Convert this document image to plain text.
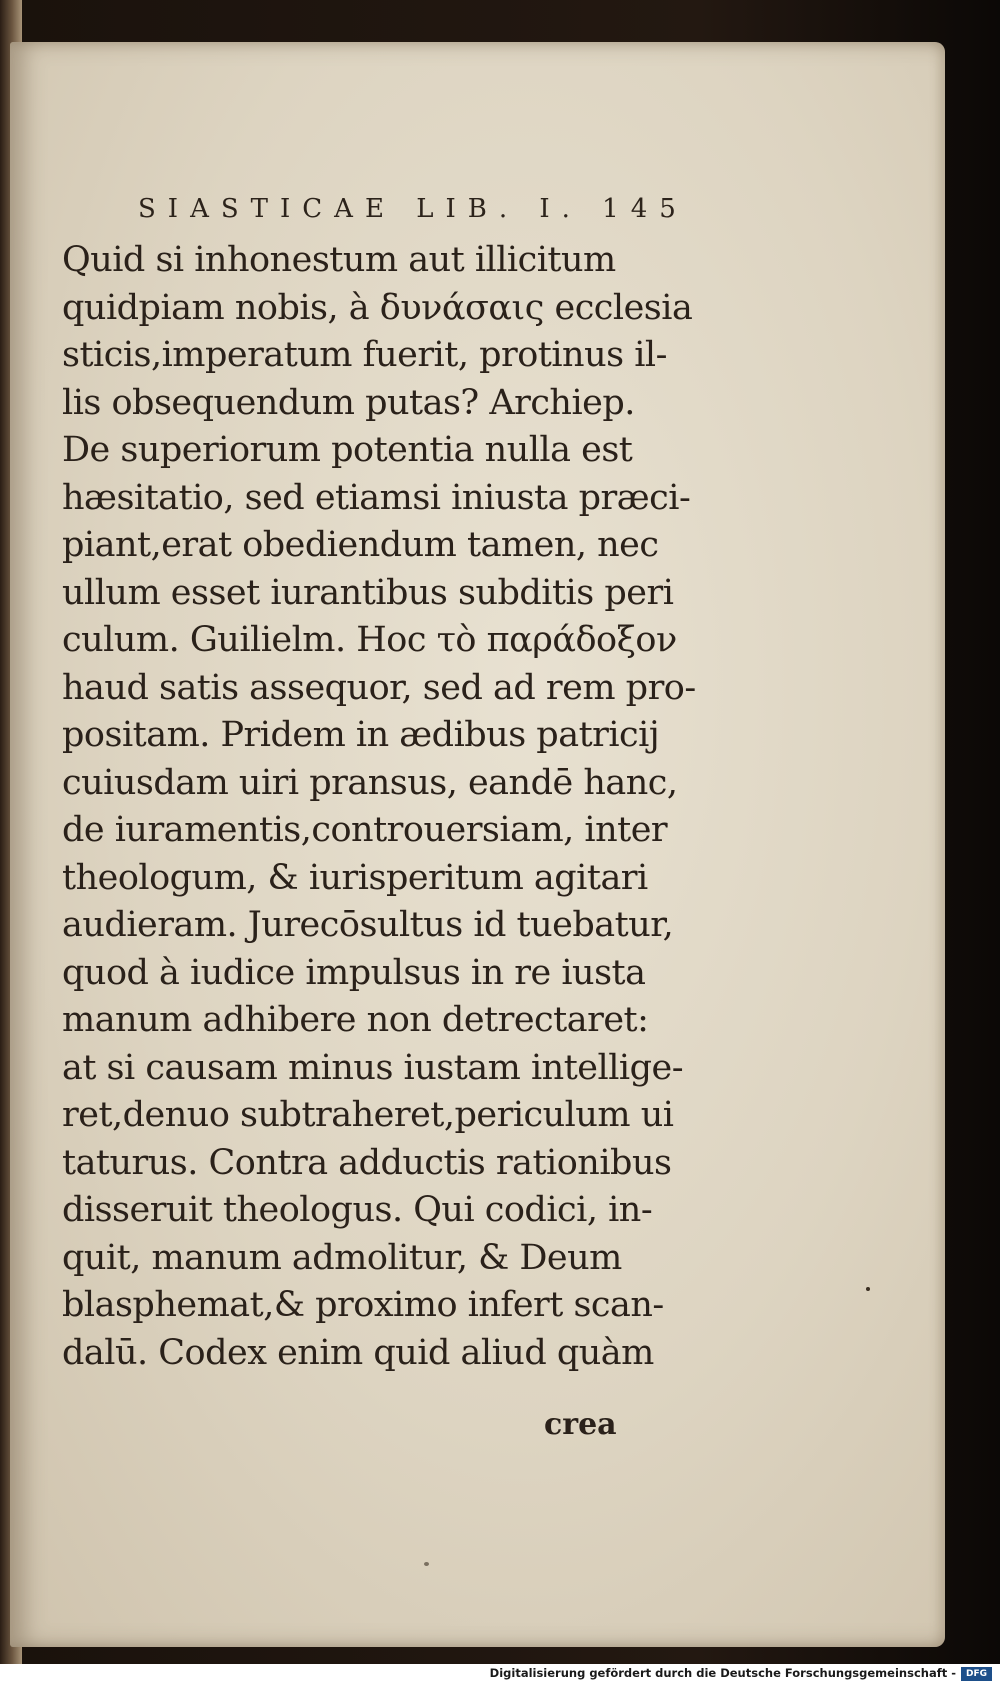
SIASTICAE LIB. I. 145
Quid si inhonestum aut illicitum
quidpiam nobis, à δυνάσαις ecclesia
sticis,imperatum fuerit, protinus il-
lis obsequendum putas? Archiep.
De superiorum potentia nulla est
hæsitatio, sed etiamsi iniusta præci-
piant,erat obediendum tamen, nec
ullum esset iurantibus subditis peri
culum. Guilielm. Hoc τὸ παράδοξον
haud satis assequor, sed ad rem pro-
positam. Pridem in ædibus patricij
cuiusdam uiri pransus, eandē hanc,
de iuramentis,controuersiam, inter
theologum, & iurisperitum agitari
audieram. Jurecōsultus id tuebatur,
quod à iudice impulsus in re iusta
manum adhibere non detrectaret:
at si causam minus iustam intellige-
ret,denuo subtraheret,periculum ui
taturus. Contra adductis rationibus
disseruit theologus. Qui codici, in-
quit, manum admolitur, & Deum
blasphemat,& proximo infert scan-
dalū. Codex enim quid aliud quàm
crea
Digitalisierung gefördert durch die Deutsche Forschungsgemeinschaft -	DFG
